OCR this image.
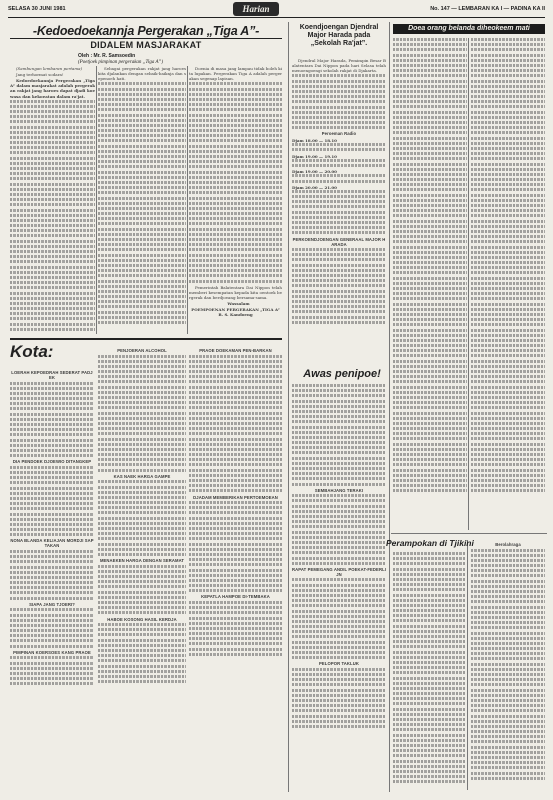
SELASA 30 JUNI 1981	Harian	No. 147 — LEMBARAN KA I — PADINA KA II
-Kedoedoekannja Pergerakan „Tiga A”-
DIDALEM MASJARAKAT
Oleh : Mr. R. Samsoedin
(Poetjoek pimpinan pergerakan „Tiga A”)

(Sambungan lembaran pertama)

Jang terhormat sodara!

Kedoedoekannja Pergerakan „Tiga A” dalam masjarakat adalah pergerakan rakjat jang haroes dapat djadi koewasa dan kekoeatan dalam ra'jat.

Sebagai pergerakan rakjat jang haroes kita djalankan dengan sebaik-baiknja dan sepenoeh hati.

Doenia di masa jang lampau tidak boleh kita lupakan. Pergerakan Tiga A adalah pergerakan segenap lapisan.

Pemerintah Balatentara Dai Nippon telah memberi kesempatan kepada kita oentoek bergerak dan berdjoeang bersama-sama.

Wassalam

POEMPOENAN PERGERAKAN „TIGA A” R. S. Kandoeng

Kota:
LOERAH KEPOEDRAH SEDERAT PADJEK
DIA PENDOEK DJOEWIO DITANGKEP
NONA BLANDA KELIAJAN MORDJI SAPTAKAN
SIAPA JANG TJOERI?
PIMPINAN KOERSOES KANG PRAOE
PENJOERAN ALCOHOL
KAS NAEK HARGA GAMPE
MENAEKEN HARGA DENGAN SERAMAT
HABOE KOSONG HASIL KERDJA
PRAOE DOEKAMAN PEN-BARKAN
DJADAM MEMBERIKAN PERTOEMOEAN
KEPATLA HAMPOE DI-TEMBAKA
Koendjoengan Djendral Major Harada pada „Sekolah Ra'jat”.

Djendral Major Harada, Pemimpin Besar Balatentara Dai Nippon pada hari Selasa telah menoengoengi sekolah rakjat di Djakarta.

Peroeman Radio
Djam 18.00 — 18.10
Djam 19.00 — 19.10
Djam 19.00 — 20.00
Djam 20.00 — 21.00
PERKOENDJOENGAN GENERAAL MAJOR HARADA
Awas penipoe!
SEMBAHJANG TERAKI
RAPAT PEMEGANG ANDIL POEKAT-FEDERLIJN
PELOPOR TAKLUK
Doea orang belanda diheokeem mati
Perampokan di Tjikini	Berolahraga
